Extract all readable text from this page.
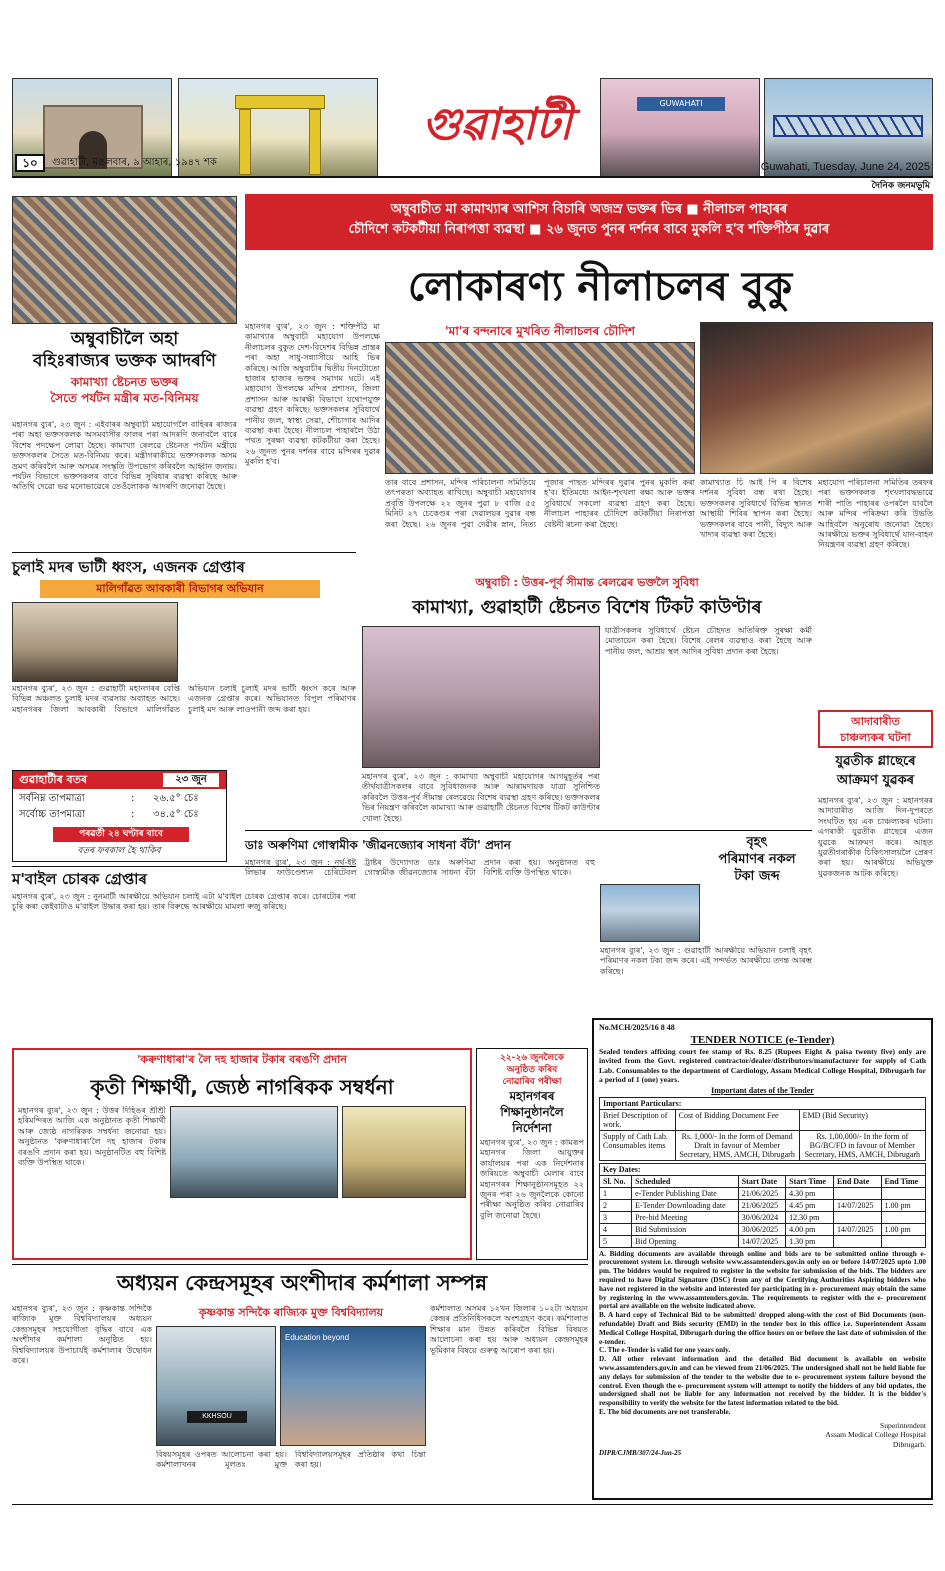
গুৱাহাটী	GUWAHATI
১০	গুৱাহাটী, মঙলবাৰ, ৯ আহাৰ, ১৯৪৭ শক	Guwahati, Tuesday, June 24, 2025
দৈনিক জনমভূমি
অম্বুবাচীলৈ অহা
বহিঃৰাজ্যৰ ভক্তক আদৰণি
কামাখ্যা ষ্টেচনত ভক্তৰ
সৈতে পৰ্যটন মন্ত্ৰীৰ মত-বিনিময়
মহানগৰ ব্যুৰ', ২৩ জুন : এইবাৰৰ অম্বুবাচী মহাযোগলৈ বাহিৰৰ ৰাজ্যৰ পৰা অহা ভক্তসকলক অসমবাসীৰ ফালৰ পৰা আদৰণি জনাবলৈ বাৰে বিশেষ পদক্ষেপ লোৱা হৈছে। কামাখ্যা ৰেলৱে ষ্টেচনত পৰ্যটন মন্ত্ৰীয়ে ভক্তসকলৰ সৈতে মত-বিনিময় কৰে। মন্ত্ৰীগৰাকীয়ে ভক্তসকলক অসম ভ্ৰমণ কৰিবলৈ আৰু অসমৰ সংস্কৃতি উপভোগ কৰিবলৈ আহ্বান জনায়। পৰ্যটন বিভাগে ভক্তসকলৰ বাবে বিভিন্ন সুবিধাৰ ব্যৱস্থা কৰিছে আৰু অতিথি দেৱো ভৱ মনোভাৱেৰে তেওঁলোকক আদৰণি জনোৱা হৈছে।
অম্বুবাচীত মা কামাখ্যাৰ আশিস বিচাৰি অজস্ৰ ভক্তৰ ভিৰ ■ নীলাচল পাহাৰৰ
চৌদিশে কটকটীয়া নিৰাপত্তা ব্যৱস্থা ■ ২৬ জুনত পুনৰ দৰ্শনৰ বাবে মুকলি হ'ব শক্তিপীঠৰ দুৱাৰ
লোকাৰণ্য নীলাচলৰ বুকু
মহানগৰ ব্যুৰ', ২৩ জুন : শক্তিপীঠ মা কামাখ্যাৰ অম্বুবাচী মহাযোগ উপলক্ষে নীলাচলৰ বুকুত দেশ-বিদেশৰ বিভিন্ন প্ৰান্তৰ পৰা অহা সাধু-সন্ন্যাসীয়ে আহি ভিৰ কৰিছে। আজি অম্বুবাচীৰ দ্বিতীয় দিনটোতো হাজাৰ হাজাৰ ভক্তৰ সমাগম ঘটে। এই মহাযোগ উপলক্ষে মন্দিৰ প্ৰশাসন, জিলা প্ৰশাসন আৰু আৰক্ষী বিভাগে যথোপযুক্ত ব্যৱস্থা গ্ৰহণ কৰিছে। ভক্তসকলৰ সুবিধাৰ্থে পানীয় জল, স্বাস্থ্য সেৱা, শৌচাগাৰ আদিৰ ব্যৱস্থা কৰা হৈছে। নীলাচল পাহাৰলৈ উঠা পথত সুৰক্ষা ব্যৱস্থা কটকটীয়া কৰা হৈছে। ২৬ জুনত পুনৰ দৰ্শনৰ বাবে মন্দিৰৰ দুৱাৰ মুকলি হ'ব।
'মা'ৰ বন্দনাৰে মুখৰিত নীলাচলৰ চৌদিশ
তাৰ বাবে প্ৰশাসন, মন্দিৰ পৰিচালনা সমিতিয়ে তৎপৰতা অব্যাহত ৰাখিছে। অম্বুবাচী মহাযোগৰ প্ৰবৃত্তি উপলক্ষে ২২ জুনৰ পুৱা ৮ বাজি ৫৫ মিনিট ২৭ চেকেণ্ডৰ পৰা দেৱালয়ৰ দুৱাৰ বন্ধ কৰা হৈছে। ২৬ জুনৰ পুৱা দেৱীৰ স্নান, নিত্য পূজাৰ পাছত মন্দিৰৰ দুৱাৰ পুনৰ মুকলি কৰা হ'ব। ইতিমধ্যে আইন-শৃংখলা ৰক্ষা আৰু ভক্তৰ সুবিধাৰ্থে সকলো ব্যৱস্থা গ্ৰহণ কৰা হৈছে। নীলাচল পাহাৰৰ চৌদিশে কটকটীয়া নিৰাপত্তা বেষ্টনী ৰচনা কৰা হৈছে।
কামাখ্যাত চি আই পি ৰ বিশেষ দৰ্শনৰ সুবিধা বন্ধ ৰখা হৈছে। ভক্তসকলৰ সুবিধাৰ্থে বিভিন্ন স্থানত আস্থায়ী শিবিৰ স্থাপন কৰা হৈছে। ভক্তসকলৰ বাবে পানী, বিদ্যুৎ আৰু খাদ্যৰ ব্যৱস্থা কৰা হৈছে।
মহাযোগ পৰিচালনা সমিতিৰ তৰফৰ পৰা ভক্তসকলক শৃংখলাবদ্ধভাৱে শাৰী পাতি পাহাৰৰ ওপৰলৈ যাবলৈ আৰু মন্দিৰ পৰিক্ৰমা কৰি উভতি আহিবলৈ অনুৰোধ জনোৱা হৈছে। আৰক্ষীয়ে ভক্তৰ সুবিধাৰ্থে যান-বাহন নিয়ন্ত্ৰণৰ ব্যৱস্থা গ্ৰহণ কৰিছে।
আদাবাৰীত
চাঞ্চল্যকৰ ঘটনা
যুৱতীক গ্লাছেৰে
আক্ৰমণ যুৱকৰ
মহানগৰ ব্যুৰ', ২৩ জুন : মহানগৰৰ আদাবাৰীত আজি দিন-দুপৰতে সংঘটিত হয় এক চাঞ্চল্যকৰ ঘটনা। এগৰাকী যুৱতীক গ্লাছেৰে এজন যুৱকে আক্ৰমণ কৰে। আহত যুৱতীগৰাকীক চিকিৎসালয়লৈ প্ৰেৰণ কৰা হয়। আৰক্ষীয়ে অভিযুক্ত যুৱকজনক আটক কৰিছে।
চুলাই মদৰ ভাটী ধ্বংস, এজনক গ্ৰেপ্তাৰ
মালিগাঁৱত আবকাৰী বিভাগৰ অভিযান
মহানগৰ ব্যুৰ', ২৩ জুন : গুৱাহাটী মহানগৰৰ বেপ্তি বিভিন্ন অঞ্চলত চুলাই মদৰ ব্যৱসায় অব্যাহত আছে। মহানগৰৰ জিলা আবকাৰী বিভাগে মালিগাঁৱত অভিযান চলাই চুলাই মদৰ ভাটী ধ্বংস কৰে আৰু এজনক গ্ৰেপ্তাৰ কৰে। অভিযানত বিপুল পৰিমাণৰ চুলাই মদ আৰু লাওপানী জব্দ কৰা হয়।
গুৱাহাটীৰ বতৰ	২৩ জুন
সৰ্বনিম্ন তাপমাত্ৰা	: ২৬.৫° চেঃ
সৰ্বোচ্চ তাপমাত্ৰা	: ৩৪.৫° চেঃ
পৰৱৰ্তী ২৪ ঘণ্টাৰ বাবে
বতৰ ফৰকাল হৈ থাকিব
ম'বাইল চোৰক গ্ৰেপ্তাৰ
মহানগৰ ব্যুৰ', ২৩ জুন : নুনমাটী আৰক্ষীয়ে অভিযান চলাই এটা ম'বাইল চোৰক গ্ৰেপ্তাৰ কৰে। চোৰটোৰ পৰা চুৰি কৰা কেইবাটাও ম'বাইল উদ্ধাৰ কৰা হয়। তাৰ বিৰুদ্ধে আৰক্ষীয়ে মামলা ৰুজু কৰিছে।
অম্বুবাচী : উত্তৰ-পূৰ্ব সীমান্ত ৰেলৱেৰ ভক্তলৈ সুবিধা
কামাখ্যা, গুৱাহাটী ষ্টেচনত বিশেষ টিকট কাউণ্টাৰ
মহানগৰ ব্যুৰ', ২৩ জুন : কামাখ্যা অম্বুবাচী মহাযোগৰ আগমুহূৰ্তৰ পৰা তীৰ্থযাত্ৰীসকলৰ বাবে সুবিধাজনক আৰু আৰামদায়ক যাত্ৰা সুনিশ্চিত কৰিবলৈ উত্তৰ-পূৰ্ব সীমান্ত ৰেলৱেয়ে বিশেষ ব্যৱস্থা গ্ৰহণ কৰিছে। ভক্তসকলৰ ভিৰ নিয়ন্ত্ৰণ কৰিবলৈ কামাখ্যা আৰু গুৱাহাটী ষ্টেচনত বিশেষ টিকট কাউণ্টাৰ খোলা হৈছে।
যাত্ৰীসকলৰ সুবিধাৰ্থে ষ্টেচন চৌহদত অতিৰিক্ত সুৰক্ষা কৰ্মী মোতায়েন কৰা হৈছে। বিশেষ ৰেলৰ ব্যৱস্থাও কৰা হৈছে আৰু পানীয় জল, আশ্ৰয় স্থল আদিৰ সুবিধা প্ৰদান কৰা হৈছে।
ডাঃ অৰুণিমা গোস্বামীক 'জীৱনজ্যোৰ সাধনা বঁটা' প্ৰদান
মহানগৰ ব্যুৰ', ২৩ জুন : নৰ্থ-ইষ্ট লিভাৰ ফাউণ্ডেশ্যন চেৰিটেবল ট্ৰাষ্টৰ উদ্যোগত ডাঃ অৰুণিমা গোস্বামীক জীৱনজ্যোৰ সাধনা বঁটা প্ৰদান কৰা হয়। অনুষ্ঠানত বহু বিশিষ্ট ব্যক্তি উপস্থিত থাকে।
বৃহৎ
পৰিমাণৰ নকল
টকা জব্দ
মহানগৰ ব্যুৰ', ২৩ জুন : গুৱাহাটী আৰক্ষীয়ে অভিযান চলাই বৃহৎ পৰিমাণৰ নকল টকা জব্দ কৰে। এই সন্দৰ্ভত আৰক্ষীয়ে তদন্ত আৰম্ভ কৰিছে।
'কৰুণাধাৰা'ৰ লৈ দহ হাজাৰ টকাৰ বৰঙণি প্ৰদান
কৃতী শিক্ষাৰ্থী, জ্যেষ্ঠ নাগৰিকক সম্বৰ্ধনা
মহানগৰ ব্যুৰ', ২৩ জুন : উত্তৰ দিহিঙৰ শ্ৰীশ্ৰী হৰিমন্দিৰত আজি এক অনুষ্ঠানত কৃতী শিক্ষাৰ্থী আৰু জ্যেষ্ঠ নাগৰিকক সম্বৰ্ধনা জনোৱা হয়। অনুষ্ঠানত 'কৰুণাধাৰা'লৈ দহ হাজাৰ টকাৰ বৰঙণি প্ৰদান কৰা হয়। অনুষ্ঠানটিত বহু বিশিষ্ট ব্যক্তি উপস্থিত থাকে।
২২-২৬ জুনলৈকে
অনুষ্ঠিত কৰিব
নোৱাৰিব পৰীক্ষা
মহানগৰৰ
শিক্ষানুষ্ঠানলৈ
নিৰ্দেশনা
মহানগৰ ব্যুৰ', ২৩ জুন : কামৰূপ মহানগৰ জিলা আয়ুক্তৰ কাৰ্যালয়ৰ পৰা এক নিৰ্দেশনাৰ জৰিয়তে অম্বুবাচী মেলাৰ বাবে মহানগৰৰ শিক্ষানুষ্ঠানসমূহত ২২ জুনৰ পৰা ২৬ জুনলৈকে কোনো পৰীক্ষা অনুষ্ঠিত কৰিব নোৱাৰিব বুলি জনোৱা হৈছে।
No.MCH/2025/16 8 48
TENDER NOTICE (e-Tender)
Sealed tenders affixing court fee stamp of Rs. 8.25 (Rupees Eight & paisa twenty five) only are invited from the Govt. registered contractor/dealer/distributors/manufacturer for supply of Cath Lab. Consumables to the department of Cardiology, Assam Medical College Hospital, Dibrugarh for a period of 1 (one) years.
Important dates of the Tender
Important Particulars:		
Brief Description of work.	Cost of Bidding Document Fee	EMD (Bid Security)
Supply of Cath Lab. Consumables items	Rs. 1,000/- In the form of Demand Draft in favour of Member Secretary, HMS, AMCH, Dibrugarh	Rs. 1,00,000/- In the form of BG/BC/FD in favour of Member Secretary, HMS, AMCH, Dibrugarh
Key Dates:					
Sl. No.	Scheduled	Start Date	Start Time	End Date	End Time
1	e-Tender Publishing Date	21/06/2025	4.30 pm		
2	E-Tender Downloading date	21/06/2025	4.45 pm	14/07/2025	1.00 pm
3	Pre-bid Meeting	30/06/2024	12.30 pm		
4	Bid Submission	30/06/2025	4.00 pm	14/07/2025	1.00 pm
5	Bid Opening	14/07/2025	1.30 pm		
A. Bidding documents are available through online and bids are to be submitted online through e- procurement system i.e. through website www.assamtenders.gov.in only on or before 14/07/2025 upto 1.00 pm. The bidders would be required to register in the website for submission of the bids. The bidders are required to have Digital Signature (DSC) from any of the Certifying Authorities Aspiring bidders who have not registered in the website and interested for participating in e- procurement may obtain the same by registering in the www.assamtenders.gov.in. The requirements to register with the e- procurement portal are available on the website indicated above.
B. A hard copy of Technical Bid to be submitted/ dropped along-with the cost of Bid Documents (non- refundable) Draft and Bids security (EMD) in the tender box in this office i.e. Superintendent Assam Medical College Hospital, Dibrugarh during the office hours on or before the last date of submission of the e-tender.
C. The e-Tender is valid for one years only.
D. All other relevant information and the detailed Bid document is available on website www.assamtenders.gov.in and can be viewed from 21/06/2025. The undersigned shall not be held liable for any delays for submission of the tender to the website due to e- procurement system failure beyond the control. Even though the e- procurement system will attempt to notify the bidders of any bid updates, the undersigned shall not be liable for any information not received by the bidder. It is the bidder's responsibility to verify the website for the latest information related to the bid.
E. The bid documents are not transferable.
Superintendent
Assam Medical College Hospital
Dibrugarh.
DIPR/CJMB/307/24-Jun-25
অধ্যয়ন কেন্দ্ৰসমূহৰ অংশীদাৰ কৰ্মশালা সম্পন্ন
মহানগৰ ব্যুৰ', ২৩ জুন : কৃষ্ণকান্ত সন্দিকৈ ৰাজ্যিক মুক্ত বিশ্ববিদ্যালয়ৰ অধ্যয়ন কেন্দ্ৰসমূহৰ সহযোগীতা বৃদ্ধিৰ বাবে এক অংশীদাৰ কৰ্মশালা অনুষ্ঠিত হয়। বিশ্ববিদ্যালয়ৰ উপাচাৰ্যই কৰ্মশালাৰ উদ্বোধন কৰে।
কৃষ্ণকান্ত সন্দিকৈ ৰাজ্যিক মুক্ত বিশ্ববিদ্যালয়
KKHSOU
Education beyond
বিষয়সমূহৰ ওপৰত আলোচনা কৰা হয়। কৰ্মশালাখনৰ মূলতঃ মুক্ত বিশ্ববিদ্যালয়সমূহৰ প্ৰতিষ্ঠাৰ কথা চিন্তা কৰা হয়।
কৰ্মশালাত অসমৰ ১২খন জিলাৰ ১০২টা অধ্যয়ন কেন্দ্ৰৰ প্ৰতিনিধিসকলে অংশগ্ৰহণ কৰে। কৰ্মশালাত শিক্ষাৰ মান উন্নত কৰিবলৈ বিভিন্ন বিষয়ত আলোচনা কৰা হয় আৰু অধ্যয়ন কেন্দ্ৰসমূহৰ ভূমিকাৰ বিষয়ে গুৰুত্ব আৰোপ কৰা হয়।
